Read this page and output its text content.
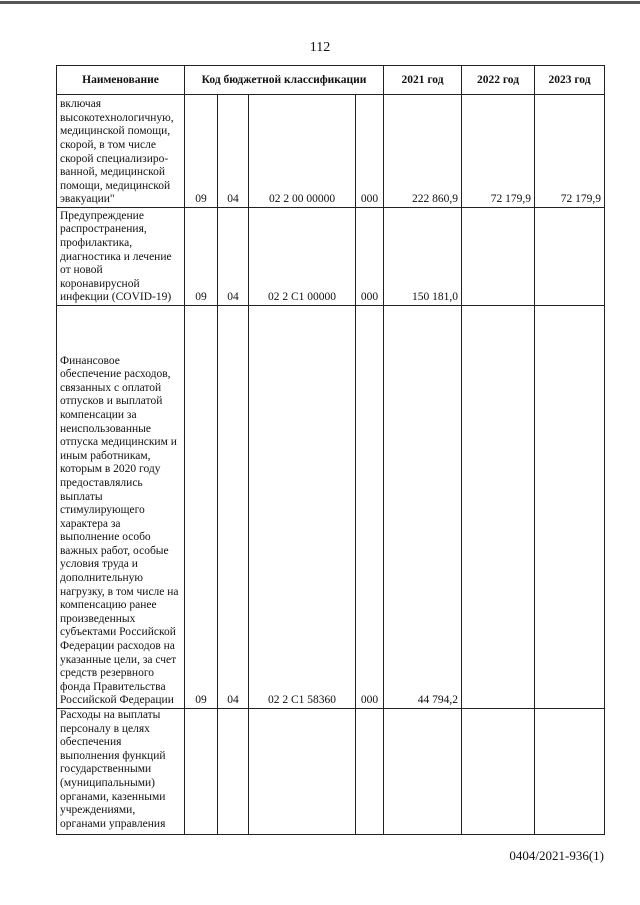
112
Наименование	Код бюджетной классификации				2021 год	2022 год	2023 год
включая высокотехнологичную, медицинской помощи, скорой, в том числе скорой специализиро-ванной, медицинской помощи, медицинской эвакуации"	09	04	02 2 00 00000	000	222 860,9	72 179,9	72 179,9
Предупреждение распространения, профилактика, диагностика и лечение от новой коронавирусной инфекции (COVID-19)	09	04	02 2 C1 00000	000	150 181,0		
Финансовое обеспечение расходов, связанных с оплатой отпусков и выплатой компенсации за неиспользованные отпуска медицинским и иным работникам, которым в 2020 году предоставлялись выплаты стимулирующего характера за выполнение особо важных работ, особые условия труда и дополнительную нагрузку, в том числе на компенсацию ранее произведенных субъектами Российской Федерации расходов на указанные цели, за счет средств резервного фонда Правительства Российской Федерации	09	04	02 2 C1 58360	000	44 794,2		
Расходы на выплаты персоналу в целях обеспечения выполнения функций государственными (муниципальными) органами, казенными учреждениями, органами управления							
0404/2021-936(1)
